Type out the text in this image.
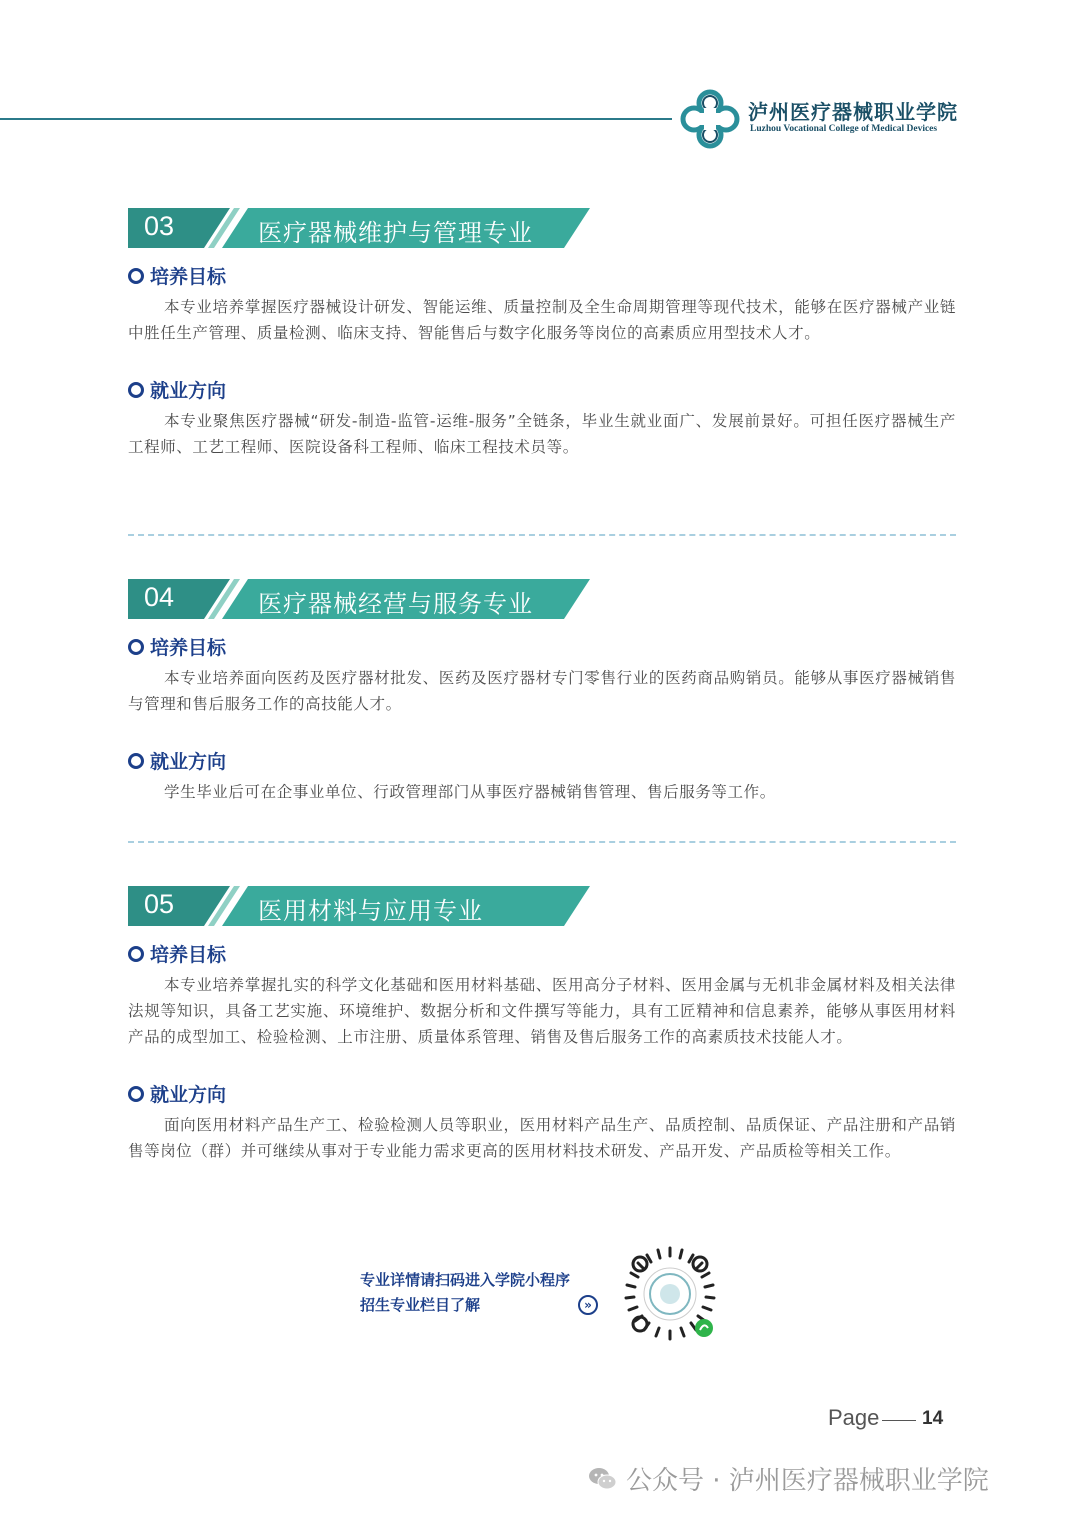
泸州医疗器械职业学院
Luzhou Vocational College of Medical Devices
03	医疗器械维护与管理专业
培养目标

本专业培养掌握医疗器械设计研发、智能运维、质量控制及全生命周期管理等现代技术，能够在医疗器械产业链中胜任生产管理、质量检测、临床支持、智能售后与数字化服务等岗位的高素质应用型技术人才。

就业方向

本专业聚焦医疗器械“研发-制造-监管-运维-服务”全链条，毕业生就业面广、发展前景好。可担任医疗器械生产工程师、工艺工程师、医院设备科工程师、临床工程技术员等。

04	医疗器械经营与服务专业
培养目标

本专业培养面向医药及医疗器材批发、医药及医疗器材专门零售行业的医药商品购销员。能够从事医疗器械销售与管理和售后服务工作的高技能人才。

就业方向

学生毕业后可在企事业单位、行政管理部门从事医疗器械销售管理、售后服务等工作。

05	医用材料与应用专业
培养目标

本专业培养掌握扎实的科学文化基础和医用材料基础、医用高分子材料、医用金属与无机非金属材料及相关法律法规等知识，具备工艺实施、环境维护、数据分析和文件撰写等能力，具有工匠精神和信息素养，能够从事医用材料产品的成型加工、检验检测、上市注册、质量体系管理、销售及售后服务工作的高素质技术技能人才。

就业方向

面向医用材料产品生产工、检验检测人员等职业，医用材料产品生产、品质控制、品质保证、产品注册和产品销售等岗位（群）并可继续从事对于专业能力需求更高的医用材料技术研发、产品开发、产品质检等相关工作。

专业详情请扫码进入学院小程序
招生专业栏目了解	»
Page 14
公众号 · 泸州医疗器械职业学院
